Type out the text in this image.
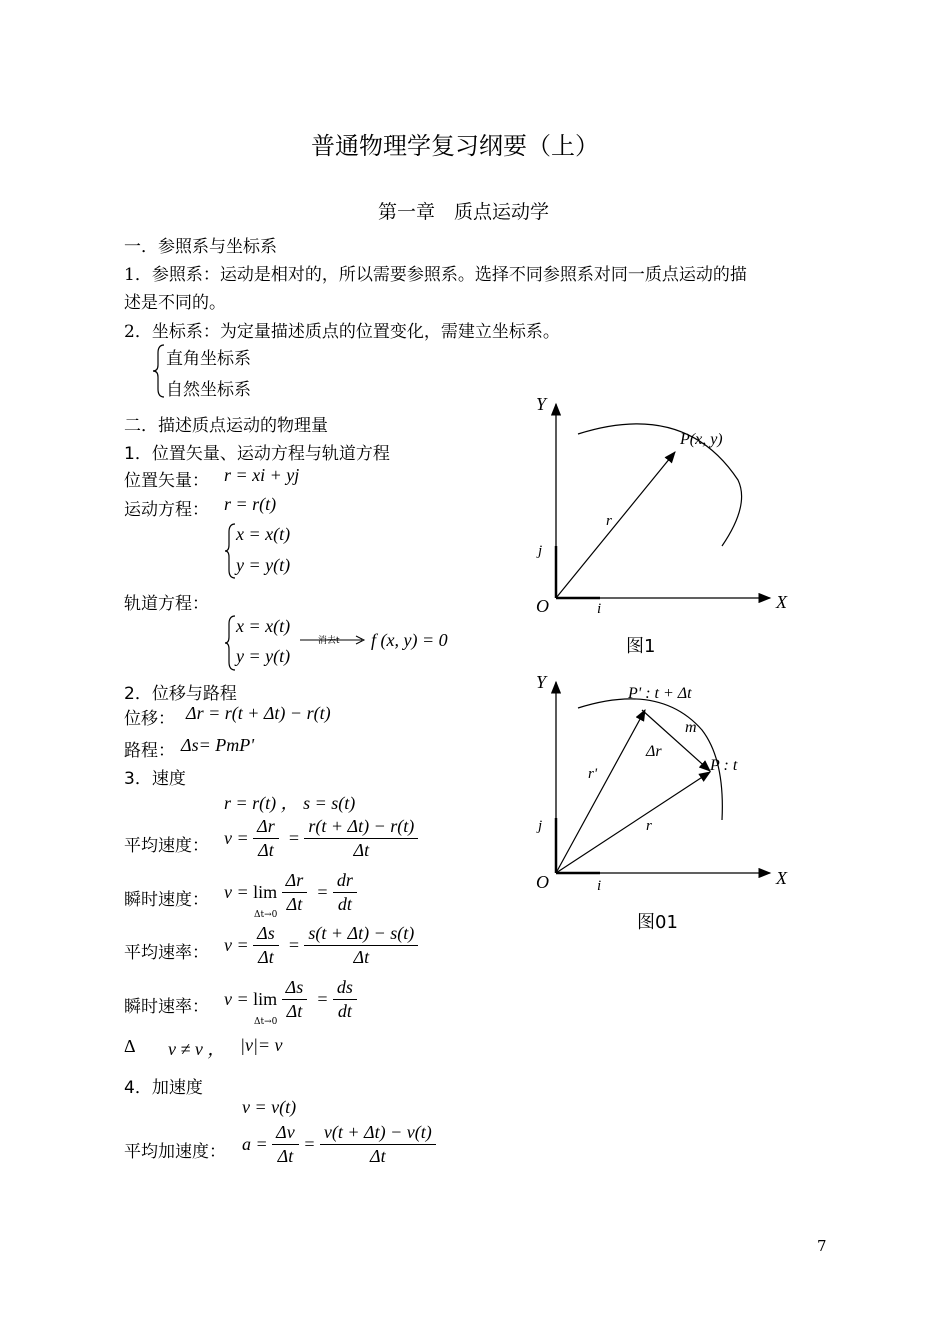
普通物理学复习纲要（上）
第一章　质点运动学
一．参照系与坐标系
1．参照系：运动是相对的，所以需要参照系。选择不同参照系对同一质点运动的描
述是不同的。
2．坐标系：为定量描述质点的位置变化，需建立坐标系。
直角坐标系
自然坐标系
二．描述质点运动的物理量
1．位置矢量、运动方程与轨道方程
位置矢量： r = xi + yj
运动方程： r = r(t)
x = x(t)
y = y(t)
轨道方程：
x = x(t)
y = y(t)
消去t f (x, y) = 0
2．位移与路程
位移： Δr = r(t + Δt) − r(t)
路程： Δs= PmP'
3．速度
r = r(t) ， s = s(t)
平均速度： $v = \frac{\Delta r}{\Delta t} = \frac{r(t + \Delta t) - r(t)}{\Delta t}$
瞬时速度： $v = \lim \frac{\Delta r}{\Delta t} = \frac{dr}{dt}$
Δt→0
平均速率： $v = \frac{\Delta s}{\Delta t} = \frac{s(t + \Delta t) - s(t)}{\Delta t}$
瞬时速率： $v = \lim \frac{\Delta s}{\Delta t} = \frac{ds}{dt}$
Δt→0
Δ v ≠ v ， |v|= v
4．加速度
v = v(t)
平均加速度： $a = \frac{\Delta v}{\Delta t} = \frac{v(t + \Delta t) - v(t)}{\Delta t}$
Y
X
O	i
j
r
P(x, y)
图1
Y
X
O	i
j
r'
r
Δr
m
P' : t + Δt
P : t
图01
7
